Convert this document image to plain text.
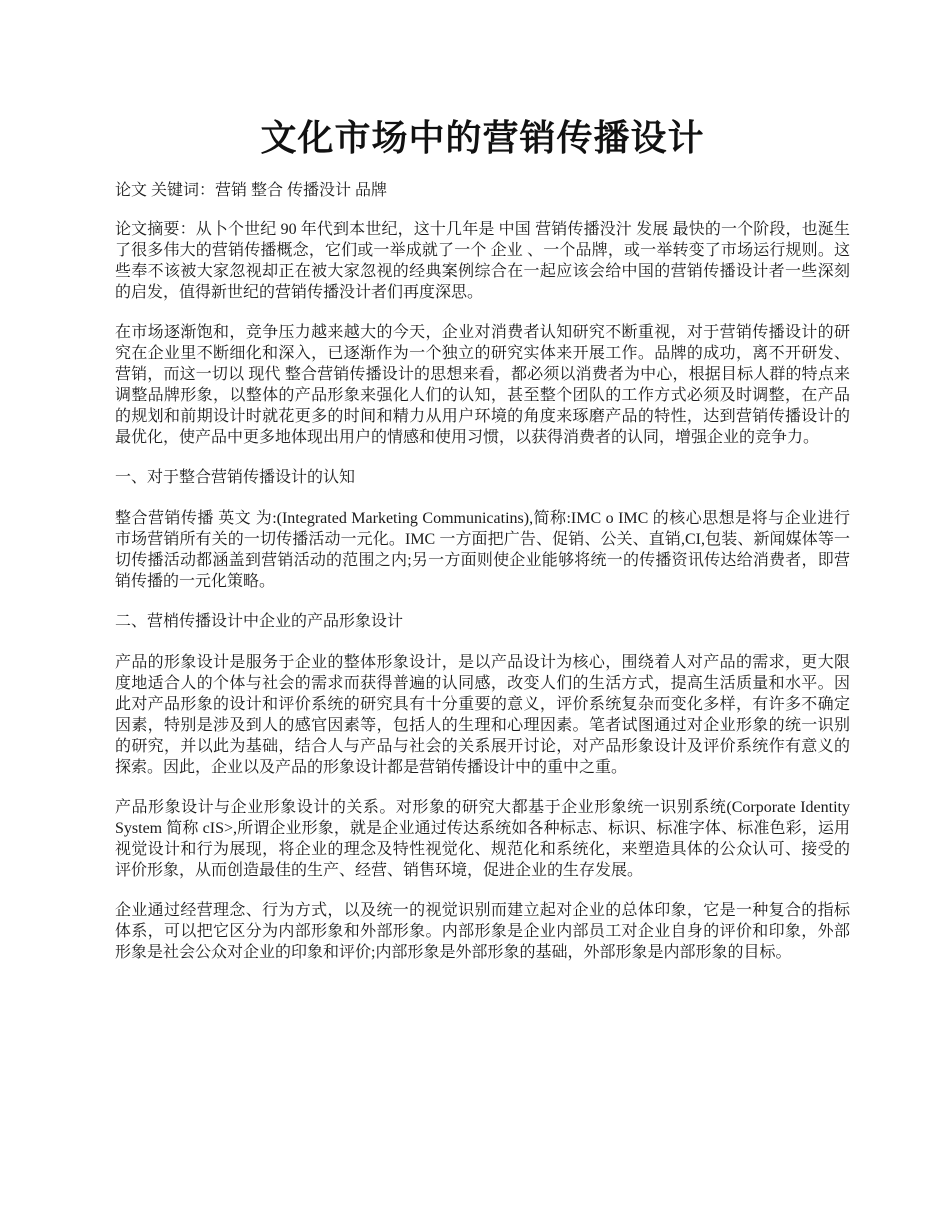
文化市场中的营销传播设计

论文 关键词：营销 整合 传播没计 品牌

论文摘要：从卜个世纪 90 年代到本世纪，这十几年是 中国 营销传播没汁 发展 最快的一个阶段，也涎生了很多伟大的营销传播概念，它们或一举成就了一个 企业 、一个品牌，或一举转变了市场运行规则。这些奉不该被大家忽视却正在被大家忽视的经典案例综合在一起应该会给中国的营销传播设计者一些深刻的启发，值得新世纪的营销传播没计者们再度深思。

在市场逐渐饱和，竞争压力越来越大的今天，企业对消费者认知研究不断重视，对于营销传播设计的研究在企业里不断细化和深入，已逐渐作为一个独立的研究实体来开展工作。品牌的成功，离不开研发、营销，而这一切以 现代 整合营销传播设计的思想来看，都必须以消费者为中心，根据目标人群的特点来调整品牌形象，以整体的产品形象来强化人们的认知，甚至整个团队的工作方式必须及时调整，在产品的规划和前期设计时就花更多的时间和精力从用户环境的角度来琢磨产品的特性，达到营销传播设计的最优化，使产品中更多地体现出用户的情感和使用习惯，以获得消费者的认同，增强企业的竞争力。

一、对于整合营销传播设计的认知

整合营销传播 英文 为:(Integrated Marketing Communicatins),简称:IMC o IMC 的核心思想是将与企业进行市场营销所有关的一切传播活动一元化。IMC 一方面把广告、促销、公关、直销,CI,包装、新闻媒体等一切传播活动都涵盖到营销活动的范围之内;另一方面则使企业能够将统一的传播资讯传达给消费者，即营销传播的一元化策略。

二、营梢传播设计中企业的产品形象设计

产品的形象设计是服务于企业的整体形象设计，是以产品设计为核心，围绕着人对产品的需求，更大限度地适合人的个体与社会的需求而获得普遍的认同感，改变人们的生活方式，提高生活质量和水平。因此对产品形象的设计和评价系统的研究具有十分重要的意义，评价系统复杂而变化多样，有许多不确定因素，特别是涉及到人的感官因素等，包括人的生理和心理因素。笔者试图通过对企业形象的统一识别的研究，并以此为基础，结合人与产品与社会的关系展开讨论，对产品形象设计及评价系统作有意义的探索。因此，企业以及产品的形象设计都是营销传播设计中的重中之重。

产品形象设计与企业形象设计的关系。对形象的研究大都基于企业形象统一识别系统(Corporate Identity System 简称 cIS>,所谓企业形象，就是企业通过传达系统如各种标志、标识、标准字体、标准色彩，运用视觉设计和行为展现，将企业的理念及特性视觉化、规范化和系统化，来塑造具体的公众认可、接受的评价形象，从而创造最佳的生产、经营、销售环境，促进企业的生存发展。

企业通过经营理念、行为方式，以及统一的视觉识别而建立起对企业的总体印象，它是一种复合的指标体系，可以把它区分为内部形象和外部形象。内部形象是企业内部员工对企业自身的评价和印象，外部形象是社会公众对企业的印象和评价;内部形象是外部形象的基础，外部形象是内部形象的目标。
